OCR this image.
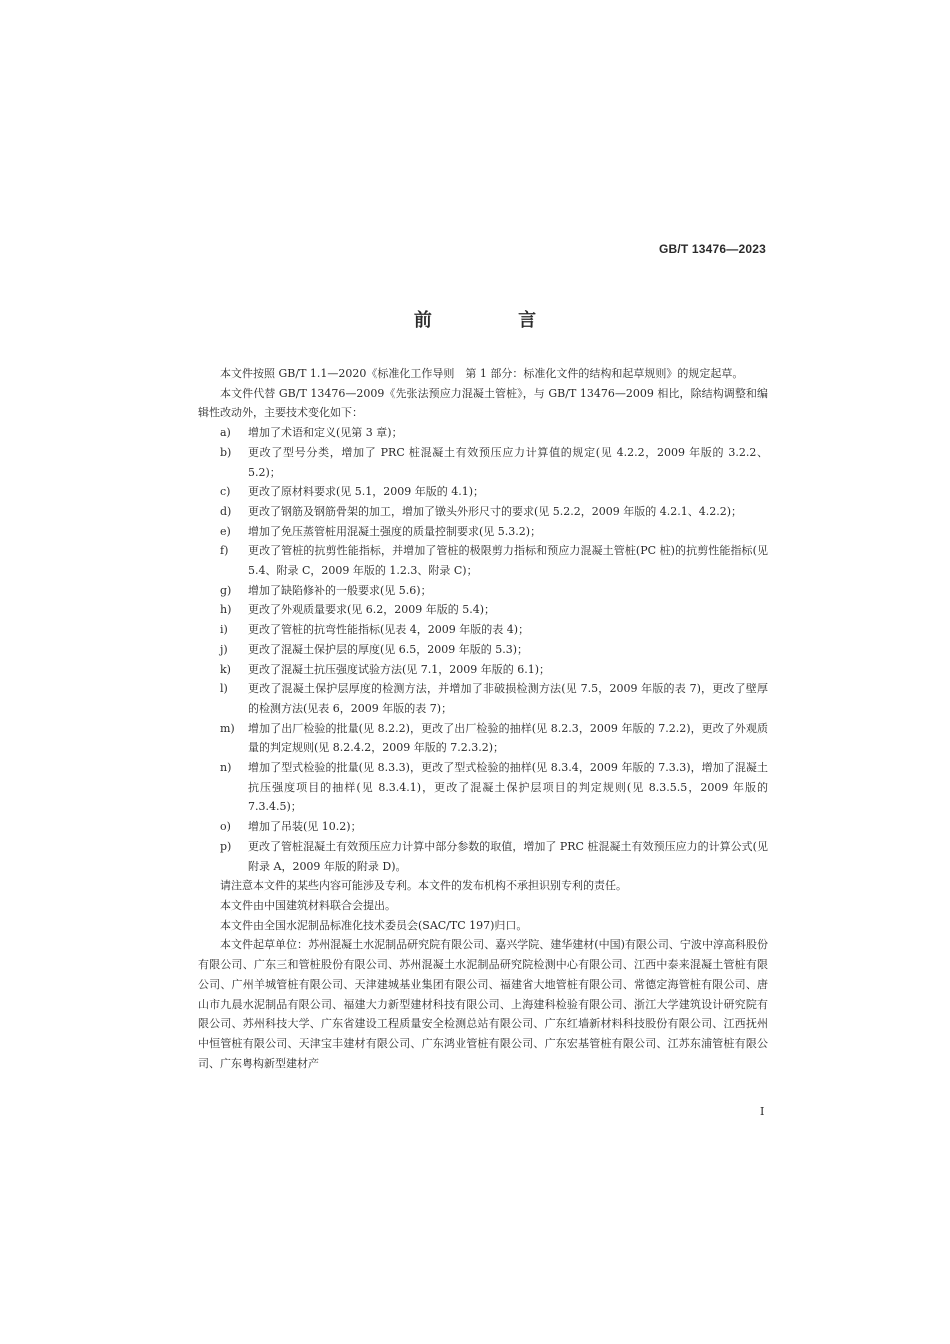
GB/T 13476—2023
前 言

本文件按照 GB/T 1.1—2020《标准化工作导则　第 1 部分：标准化文件的结构和起草规则》的规定起草。

本文件代替 GB/T 13476—2009《先张法预应力混凝土管桩》，与 GB/T 13476—2009 相比，除结构调整和编辑性改动外，主要技术变化如下：

a)	增加了术语和定义(见第 3 章)；
b)	更改了型号分类，增加了 PRC 桩混凝土有效预压应力计算值的规定(见 4.2.2，2009 年版的 3.2.2、5.2)；
c)	更改了原材料要求(见 5.1，2009 年版的 4.1)；
d)	更改了钢筋及钢筋骨架的加工，增加了镦头外形尺寸的要求(见 5.2.2，2009 年版的 4.2.1、4.2.2)；
e)	增加了免压蒸管桩用混凝土强度的质量控制要求(见 5.3.2)；
f)	更改了管桩的抗剪性能指标，并增加了管桩的极限剪力指标和预应力混凝土管桩(PC 桩)的抗剪性能指标(见 5.4、附录 C，2009 年版的 1.2.3、附录 C)；
g)	增加了缺陷修补的一般要求(见 5.6)；
h)	更改了外观质量要求(见 6.2，2009 年版的 5.4)；
i)	更改了管桩的抗弯性能指标(见表 4，2009 年版的表 4)；
j)	更改了混凝土保护层的厚度(见 6.5，2009 年版的 5.3)；
k)	更改了混凝土抗压强度试验方法(见 7.1，2009 年版的 6.1)；
l)	更改了混凝土保护层厚度的检测方法，并增加了非破损检测方法(见 7.5，2009 年版的表 7)，更改了壁厚的检测方法(见表 6，2009 年版的表 7)；
m)	增加了出厂检验的批量(见 8.2.2)，更改了出厂检验的抽样(见 8.2.3，2009 年版的 7.2.2)，更改了外观质量的判定规则(见 8.2.4.2，2009 年版的 7.2.3.2)；
n)	增加了型式检验的批量(见 8.3.3)，更改了型式检验的抽样(见 8.3.4，2009 年版的 7.3.3)，增加了混凝土抗压强度项目的抽样(见 8.3.4.1)，更改了混凝土保护层项目的判定规则(见 8.3.5.5，2009 年版的 7.3.4.5)；
o)	增加了吊装(见 10.2)；
p)	更改了管桩混凝土有效预压应力计算中部分参数的取值，增加了 PRC 桩混凝土有效预压应力的计算公式(见附录 A，2009 年版的附录 D)。

请注意本文件的某些内容可能涉及专利。本文件的发布机构不承担识别专利的责任。

本文件由中国建筑材料联合会提出。

本文件由全国水泥制品标准化技术委员会(SAC/TC 197)归口。

本文件起草单位：苏州混凝土水泥制品研究院有限公司、嘉兴学院、建华建材(中国)有限公司、宁波中淳高科股份有限公司、广东三和管桩股份有限公司、苏州混凝土水泥制品研究院检测中心有限公司、江西中泰来混凝土管桩有限公司、广州羊城管桩有限公司、天津建城基业集团有限公司、福建省大地管桩有限公司、常德定海管桩有限公司、唐山市九晨水泥制品有限公司、福建大力新型建材科技有限公司、上海建科检验有限公司、浙江大学建筑设计研究院有限公司、苏州科技大学、广东省建设工程质量安全检测总站有限公司、广东红墙新材料科技股份有限公司、江西抚州中恒管桩有限公司、天津宝丰建材有限公司、广东鸿业管桩有限公司、广东宏基管桩有限公司、江苏东浦管桩有限公司、广东粤构新型建材产

I
